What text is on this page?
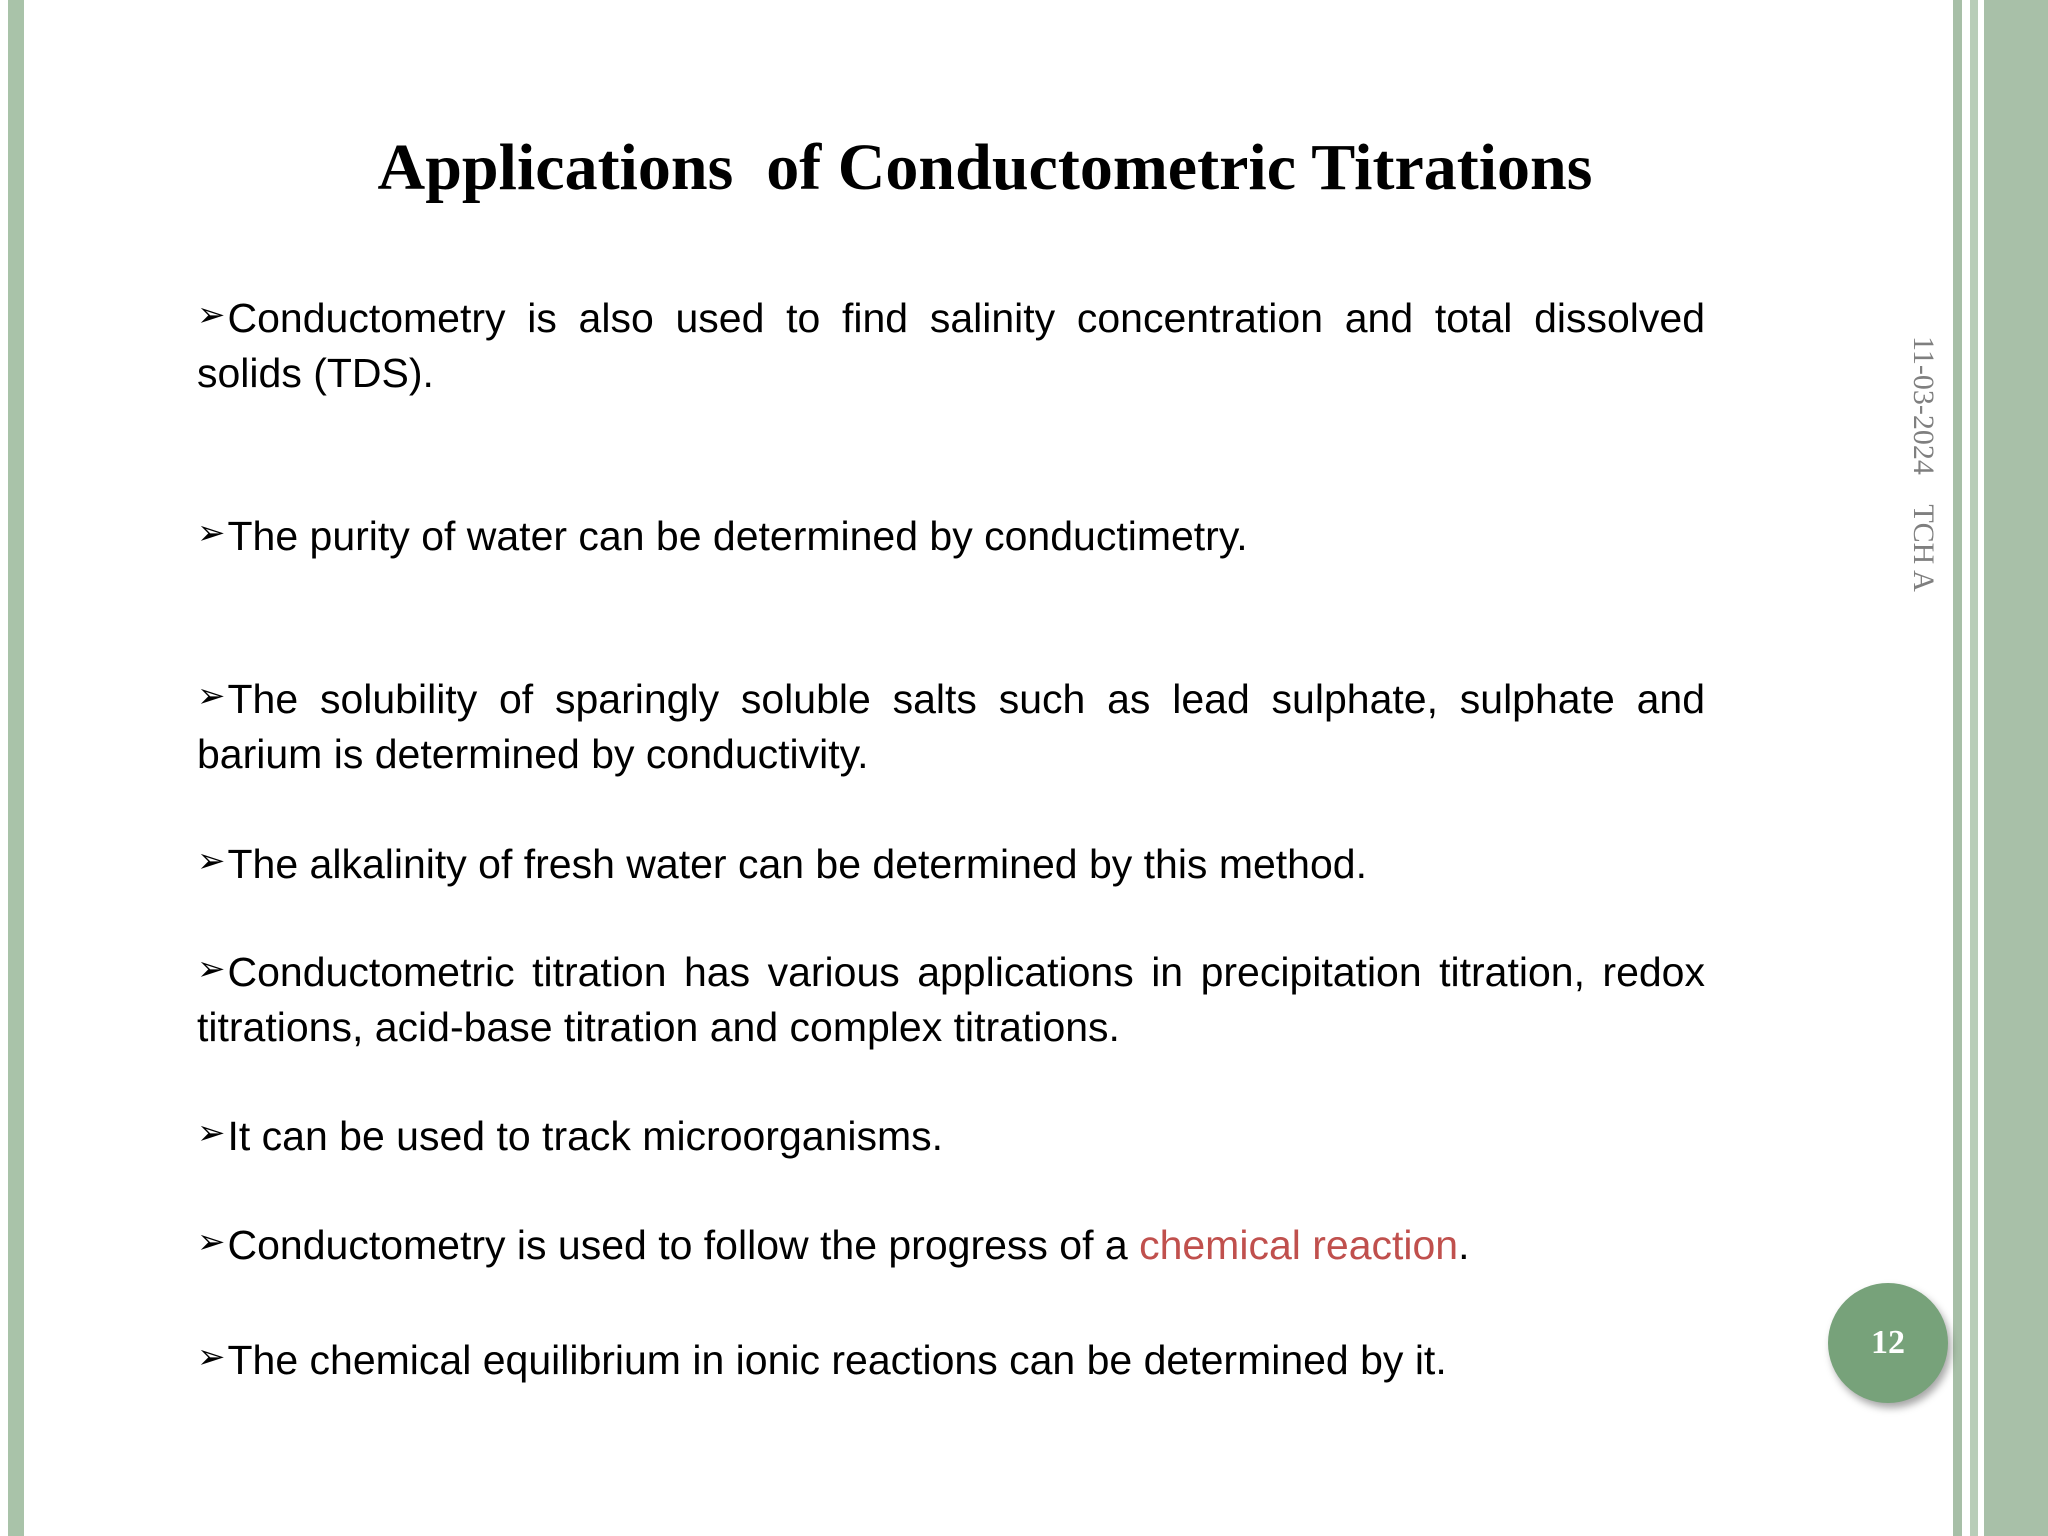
Applications  of Conductometric Titrations
➢Conductometry is also used to find salinity concentration and total dissolved solids (TDS).
➢The purity of water can be determined by conductimetry.
➢The solubility of sparingly soluble salts such as lead sulphate, sulphate and barium is determined by conductivity.
➢The alkalinity of fresh water can be determined by this method.
➢Conductometric titration has various applications in precipitation titration, redox titrations, acid-base titration and complex titrations.
➢It can be used to track microorganisms.
➢Conductometry is used to follow the progress of a chemical reaction.
➢The chemical equilibrium in ionic reactions can be determined by it.
11-03-2024    TCH A
12
